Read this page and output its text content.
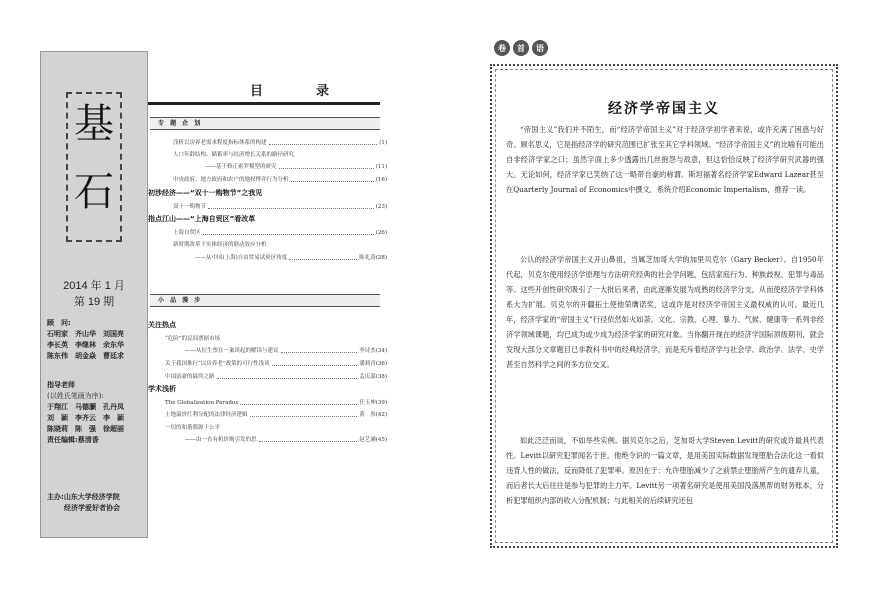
基
石
2014 年 1 月
第 19 期
顾　问:
石明家　齐山华　刘国亮
李长英　李继林　余东华
陈东伟　胡金焱　曹廷求
指导老师
(以姓氏笔画为序):
于翔江　马德灏　孔丹凤
刘　颖　李齐云　李　颖
陈晓莉　陈　强　徐超丽
责任编辑:蔡清香
主办:山东大学经济学院
经济学爱好者协会
目　录
专 题 企 划
浅析以房养老需求程度指标体系的构建	(1)
人口年龄结构、储蓄率与经济增长关系的路径研究
——基于修正索罗模型的研究	(11)
中央政府、地方政府和农户的地权博弈行为分析	(16)
初涉经济——“双十一购物节”之我见
双十一购物节	(23)
指点江山——“上海自贸区”看改革
上海自贸区	(26)
新时期改革下实体经济的联动效应分析
——从中国(上海)自由贸易试验区角度	陈礼涛(28)
小 品 漫 步
关注热点
“危险”的民间票据市场
——从衍生票在一案谈起的解读与建议	李诗杰(34)
关于我国推行“以房养老”政策的可行性浅谈	潘莉青(36)
中国富豪的最终之路	孟庆嘉(38)
学术浅析
The Globalization Paradox	任玉坤(39)
土地溢价红利分配的法律经济逻辑	黄　彤(42)
一切的和谐都源于公平
——由一直有机价购引发的思	赵艺涵(45)
卷	首	语
经济学帝国主义
“帝国主义”我们并不陌生，而“经济学帝国主义”对于经济学初学者来说，或许充满了困惑与好奇。顾名思义，它是指经济学的研究范围已扩张至其它学科领域。“经济学帝国主义”的比喻有可能出自非经济学家之口；虽然字面上多少透露出几丝抱怨与敌意，但这恰恰反映了经济学研究武器的强大。无论如何，经济学家已笑纳了这一略带自豪的称谓。斯坦福著名经济学家Edward Lazear甚至在Quarterly Journal of Economics中撰文，系统介绍Economic Imperialism，推荐一读。
公认的经济学帝国主义开山鼻祖，当属芝加哥大学的加里贝克尔（Gary Becker）。自1950年代起，贝克尔使用经济学原理与方法研究经典的社会学问题，包括家庭行为、种族歧视、犯罪与毒品等。这些开创性研究吸引了一大批后来者，由此逐渐发展为成熟的经济学分支，从而使经济学学科体系大为扩展。贝克尔的开疆拓土使他荣膺诺奖，这或许是对经济学帝国主义最权威的认可。最近几年，经济学家的“帝国主义”行径依然如火如荼。文化、宗教、心理、暴力、气候、健康等一系列非经济学领域课题，均已成为或少成为经济学家的研究对象。当你翻开现在的经济学国际顶级期刊，就会发现大部分文章题目已非教科书中的经典经济学，而是充斥着经济学与社会学、政治学、法学、史学甚至自然科学之间的多方位交叉。
如此泛泛而谈，不如举些实例。据贝克尔之后，芝加哥大学Steven Levitt的研究或许最具代表性。Levitt以研究犯罪闻名于世。他绝令识的一篇文章，是用美国实际数据发现堕胎合法化这一看似违背人性的做法，反而降低了犯罪率。原因在于：允许堕胎减少了之前禁止堕胎所产生的遗弃儿童，而后者长大后往往是参与犯罪的主力军。Levitt另一项著名研究是使用美国没落黑帮的财务账本，分析犯罪组织内部的收入分配机制；与此相关的后续研究还包
